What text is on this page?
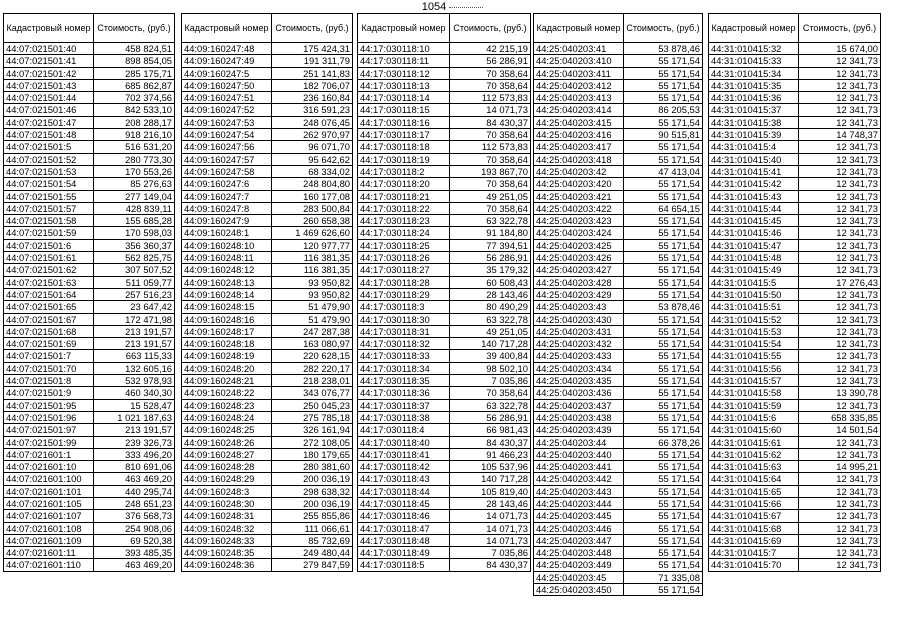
1054
Кадастровый номер	Стоимость, (руб.)
44:07:021501:40	458 824,51
44:07:021501:41	898 854,05
44:07:021501:42	285 175,71
44:07:021501:43	685 862,87
44:07:021501:44	702 374,56
44:07:021501:46	842 533,10
44:07:021501:47	208 288,17
44:07:021501:48	918 216,10
44:07:021501:5	516 531,20
44:07:021501:52	280 773,30
44:07:021501:53	170 553,26
44:07:021501:54	85 276,63
44:07:021501:55	277 149,04
44:07:021501:57	428 839,11
44:07:021501:58	155 685,28
44:07:021501:59	170 598,03
44:07:021501:6	356 360,37
44:07:021501:61	562 825,75
44:07:021501:62	307 507,52
44:07:021501:63	511 059,77
44:07:021501:64	257 516,23
44:07:021501:65	23 647,42
44:07:021501:67	172 471,98
44:07:021501:68	213 191,57
44:07:021501:69	213 191,57
44:07:021501:7	663 115,33
44:07:021501:70	132 605,16
44:07:021501:8	532 978,93
44:07:021501:9	460 340,30
44:07:021501:95	15 528,47
44:07:021501:96	1 021 187,63
44:07:021501:97	213 191,57
44:07:021501:99	239 326,73
44:07:021601:1	333 496,20
44:07:021601:10	810 691,06
44:07:021601:100	463 469,20
44:07:021601:101	440 295,74
44:07:021601:105	248 651,23
44:07:021601:107	376 568,73
44:07:021601:108	254 908,06
44:07:021601:109	69 520,38
44:07:021601:11	393 485,35
44:07:021601:110	463 469,20
Кадастровый номер	Стоимость, (руб.)
44:09:160247:48	175 424,31
44:09:160247:49	191 311,79
44:09:160247:5	251 141,83
44:09:160247:50	182 706,07
44:09:160247:51	236 160,84
44:09:160247:52	316 591,23
44:09:160247:53	248 076,45
44:09:160247:54	262 970,97
44:09:160247:56	96 071,70
44:09:160247:57	95 642,62
44:09:160247:58	68 334,02
44:09:160247:6	248 804,80
44:09:160247:7	160 177,08
44:09:160247:8	283 500,84
44:09:160247:9	260 658,38
44:09:160248:1	1 469 626,60
44:09:160248:10	120 977,77
44:09:160248:11	116 381,35
44:09:160248:12	116 381,35
44:09:160248:13	93 950,82
44:09:160248:14	93 950,82
44:09:160248:15	51 479,90
44:09:160248:16	51 479,90
44:09:160248:17	247 287,38
44:09:160248:18	163 080,97
44:09:160248:19	220 628,15
44:09:160248:20	282 220,17
44:09:160248:21	218 238,01
44:09:160248:22	343 076,77
44:09:160248:23	250 045,23
44:09:160248:24	275 785,18
44:09:160248:25	326 161,94
44:09:160248:26	272 108,05
44:09:160248:27	180 179,65
44:09:160248:28	280 381,60
44:09:160248:29	200 036,19
44:09:160248:3	298 638,32
44:09:160248:30	200 036,19
44:09:160248:31	255 855,86
44:09:160248:32	111 066,61
44:09:160248:33	85 732,69
44:09:160248:35	249 480,44
44:09:160248:36	279 847,59
Кадастровый номер	Стоимость, (руб.)
44:17:030118:10	42 215,19
44:17:030118:11	56 286,91
44:17:030118:12	70 358,64
44:17:030118:13	70 358,64
44:17:030118:14	112 573,83
44:17:030118:15	14 071,73
44:17:030118:16	84 430,37
44:17:030118:17	70 358,64
44:17:030118:18	112 573,83
44:17:030118:19	70 358,64
44:17:030118:2	193 867,70
44:17:030118:20	70 358,64
44:17:030118:21	49 251,05
44:17:030118:22	70 358,64
44:17:030118:23	63 322,78
44:17:030118:24	91 184,80
44:17:030118:25	77 394,51
44:17:030118:26	56 286,91
44:17:030118:27	35 179,32
44:17:030118:28	60 508,43
44:17:030118:29	28 143,46
44:17:030118:3	80 490,29
44:17:030118:30	63 322,78
44:17:030118:31	49 251,05
44:17:030118:32	140 717,28
44:17:030118:33	39 400,84
44:17:030118:34	98 502,10
44:17:030118:35	7 035,86
44:17:030118:36	70 358,64
44:17:030118:37	63 322,78
44:17:030118:38	56 286,91
44:17:030118:4	66 981,43
44:17:030118:40	84 430,37
44:17:030118:41	91 466,23
44:17:030118:42	105 537,96
44:17:030118:43	140 717,28
44:17:030118:44	105 819,40
44:17:030118:45	28 143,46
44:17:030118:46	14 071,73
44:17:030118:47	14 071,73
44:17:030118:48	14 071,73
44:17:030118:49	7 035,86
44:17:030118:5	84 430,37
Кадастровый номер	Стоимость, (руб.)
44:25:040203:41	53 878,46
44:25:040203:410	55 171,54
44:25:040203:411	55 171,54
44:25:040203:412	55 171,54
44:25:040203:413	55 171,54
44:25:040203:414	86 205,53
44:25:040203:415	55 171,54
44:25:040203:416	90 515,81
44:25:040203:417	55 171,54
44:25:040203:418	55 171,54
44:25:040203:42	47 413,04
44:25:040203:420	55 171,54
44:25:040203:421	55 171,54
44:25:040203:422	64 654,15
44:25:040203:423	55 171,54
44:25:040203:424	55 171,54
44:25:040203:425	55 171,54
44:25:040203:426	55 171,54
44:25:040203:427	55 171,54
44:25:040203:428	55 171,54
44:25:040203:429	55 171,54
44:25:040203:43	53 878,46
44:25:040203:430	55 171,54
44:25:040203:431	55 171,54
44:25:040203:432	55 171,54
44:25:040203:433	55 171,54
44:25:040203:434	55 171,54
44:25:040203:435	55 171,54
44:25:040203:436	55 171,54
44:25:040203:437	55 171,54
44:25:040203:438	55 171,54
44:25:040203:439	55 171,54
44:25:040203:44	66 378,26
44:25:040203:440	55 171,54
44:25:040203:441	55 171,54
44:25:040203:442	55 171,54
44:25:040203:443	55 171,54
44:25:040203:444	55 171,54
44:25:040203:445	55 171,54
44:25:040203:446	55 171,54
44:25:040203:447	55 171,54
44:25:040203:448	55 171,54
44:25:040203:449	55 171,54
44:25:040203:45	71 335,08
44:25:040203:450	55 171,54
Кадастровый номер	Стоимость, (руб.)
44:31:010415:32	15 674,00
44:31:010415:33	12 341,73
44:31:010415:34	12 341,73
44:31:010415:35	12 341,73
44:31:010415:36	12 341,73
44:31:010415:37	12 341,73
44:31:010415:38	12 341,73
44:31:010415:39	14 748,37
44:31:010415:4	12 341,73
44:31:010415:40	12 341,73
44:31:010415:41	12 341,73
44:31:010415:42	12 341,73
44:31:010415:43	12 341,73
44:31:010415:44	12 341,73
44:31:010415:45	12 341,73
44:31:010415:46	12 341,73
44:31:010415:47	12 341,73
44:31:010415:48	12 341,73
44:31:010415:49	12 341,73
44:31:010415:5	17 276,43
44:31:010415:50	12 341,73
44:31:010415:51	12 341,73
44:31:010415:52	12 341,73
44:31:010415:53	12 341,73
44:31:010415:54	12 341,73
44:31:010415:55	12 341,73
44:31:010415:56	12 341,73
44:31:010415:57	12 341,73
44:31:010415:58	13 390,78
44:31:010415:59	12 341,73
44:31:010415:6	658 335,85
44:31:010415:60	14 501,54
44:31:010415:61	12 341,73
44:31:010415:62	12 341,73
44:31:010415:63	14 995,21
44:31:010415:64	12 341,73
44:31:010415:65	12 341,73
44:31:010415:66	12 341,73
44:31:010415:67	12 341,73
44:31:010415:68	12 341,73
44:31:010415:69	12 341,73
44:31:010415:7	12 341,73
44:31:010415:70	12 341,73
